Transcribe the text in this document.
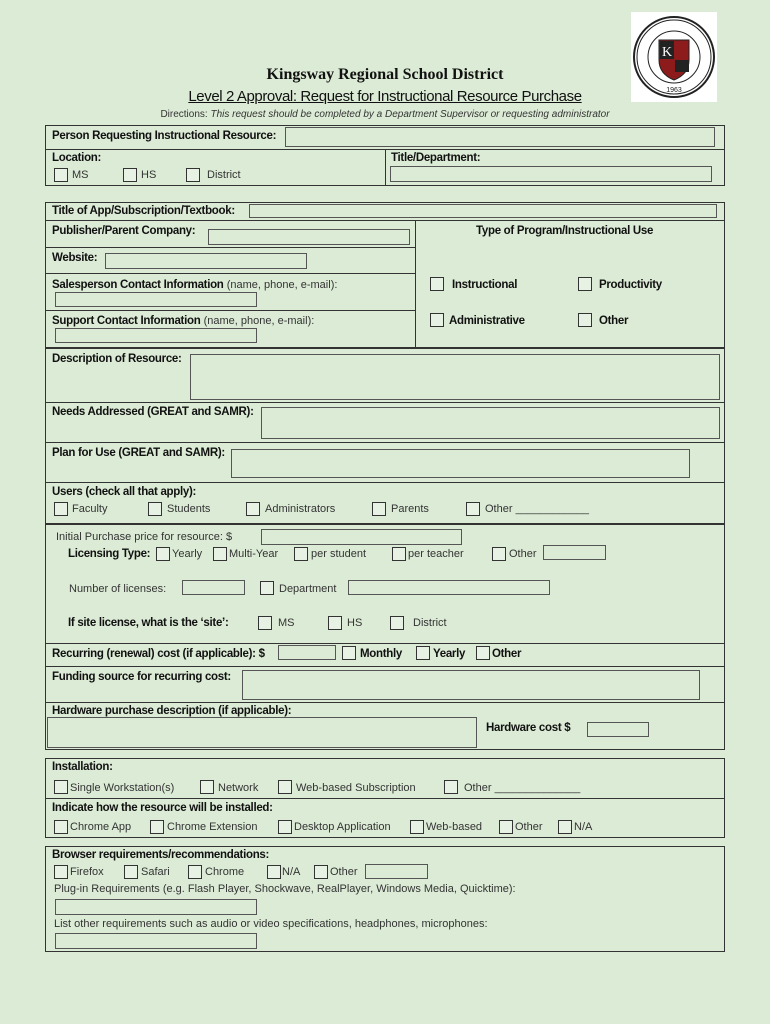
K
1963
Kingsway Regional School District
Level 2 Approval: Request for Instructional Resource Purchase
Directions: This request should be completed by a Department Supervisor or requesting administrator
Person Requesting Instructional Resource:
Location:
MS	HS	District
Title/Department:
Title of App/Subscription/Textbook:
Publisher/Parent Company:
Website:
Salesperson Contact Information (name, phone, e-mail):
Support Contact Information (name, phone, e-mail):
Type of Program/Instructional Use
Instructional	Productivity
Administrative	Other
Description of Resource:
Needs Addressed (GREAT and SAMR):
Plan for Use (GREAT and SAMR):
Users (check all that apply):
Faculty	Students	Administrators	Parents	Other ____________
Initial Purchase price for resource: $
Licensing Type: Yearly Multi-Year	per student	per teacher	Other
Number of licenses:	Department
If site license, what is the ‘site’:	MS	HS	District
Recurring (renewal) cost (if applicable): $	Monthly	Yearly Other
Funding source for recurring cost:
Hardware purchase description (if applicable):
Hardware cost $
Installation:
Single Workstation(s)	Network	Web-based Subscription	Other ______________
Indicate how the resource will be installed:
Chrome App	Chrome Extension	Desktop Application	Web-based	Other	N/A
Browser requirements/recommendations:
Firefox	Safari	Chrome	N/A	Other
Plug-in Requirements (e.g. Flash Player, Shockwave, RealPlayer, Windows Media, Quicktime):
List other requirements such as audio or video specifications, headphones, microphones:
